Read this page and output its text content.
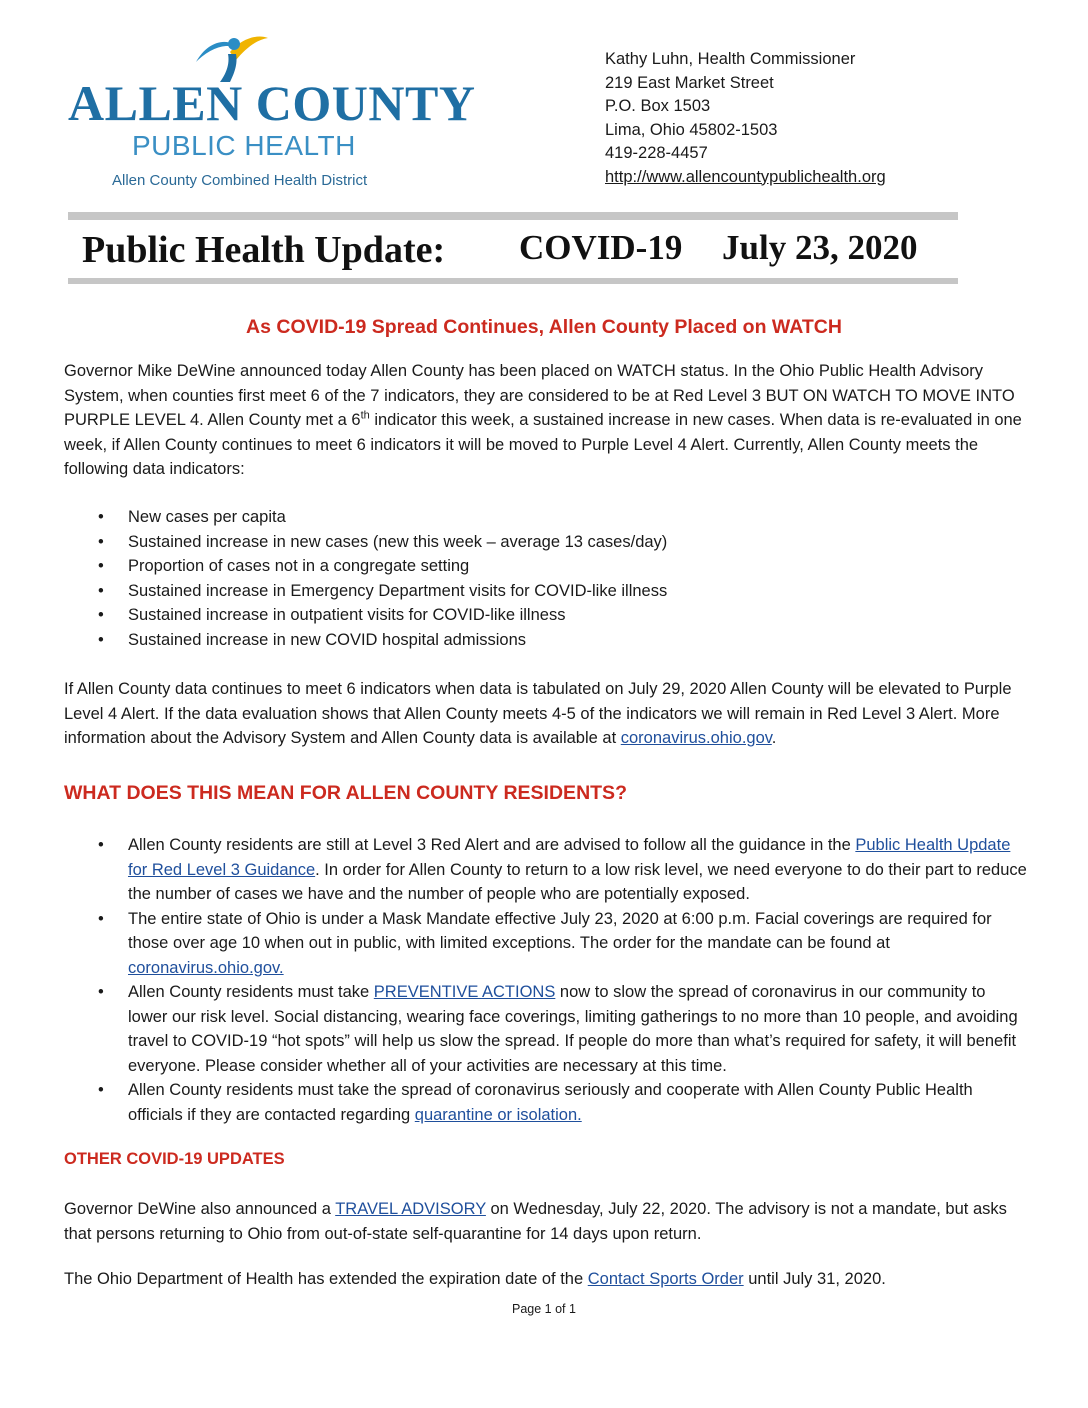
ALLEN COUNTY
PUBLIC HEALTH
Allen County Combined Health District
Kathy Luhn, Health Commissioner
219 East Market Street
P.O. Box 1503
Lima, Ohio 45802-1503
419-228-4457
http://www.allencountypublichealth.org
Public Health Update: COVID-19 July 23, 2020
As COVID-19 Spread Continues, Allen County Placed on WATCH
Governor Mike DeWine announced today Allen County has been placed on WATCH status. In the Ohio Public Health Advisory System, when counties first meet 6 of the 7 indicators, they are considered to be at Red Level 3 BUT ON WATCH TO MOVE INTO PURPLE LEVEL 4. Allen County met a 6th indicator this week, a sustained increase in new cases. When data is re-evaluated in one week, if Allen County continues to meet 6 indicators it will be moved to Purple Level 4 Alert. Currently, Allen County meets the following data indicators:
• New cases per capita
• Sustained increase in new cases (new this week – average 13 cases/day)
• Proportion of cases not in a congregate setting
• Sustained increase in Emergency Department visits for COVID-like illness
• Sustained increase in outpatient visits for COVID-like illness
• Sustained increase in new COVID hospital admissions
If Allen County data continues to meet 6 indicators when data is tabulated on July 29, 2020 Allen County will be elevated to Purple Level 4 Alert. If the data evaluation shows that Allen County meets 4-5 of the indicators we will remain in Red Level 3 Alert. More information about the Advisory System and Allen County data is available at coronavirus.ohio.gov.
WHAT DOES THIS MEAN FOR ALLEN COUNTY RESIDENTS?
• Allen County residents are still at Level 3 Red Alert and are advised to follow all the guidance in the Public Health Update for Red Level 3 Guidance. In order for Allen County to return to a low risk level, we need everyone to do their part to reduce the number of cases we have and the number of people who are potentially exposed.
• The entire state of Ohio is under a Mask Mandate effective July 23, 2020 at 6:00 p.m. Facial coverings are required for those over age 10 when out in public, with limited exceptions. The order for the mandate can be found at coronavirus.ohio.gov.
• Allen County residents must take PREVENTIVE ACTIONS now to slow the spread of coronavirus in our community to lower our risk level. Social distancing, wearing face coverings, limiting gatherings to no more than 10 people, and avoiding travel to COVID-19 “hot spots” will help us slow the spread. If people do more than what’s required for safety, it will benefit everyone. Please consider whether all of your activities are necessary at this time.
• Allen County residents must take the spread of coronavirus seriously and cooperate with Allen County Public Health officials if they are contacted regarding quarantine or isolation.
OTHER COVID-19 UPDATES
Governor DeWine also announced a TRAVEL ADVISORY on Wednesday, July 22, 2020. The advisory is not a mandate, but asks that persons returning to Ohio from out-of-state self-quarantine for 14 days upon return.
The Ohio Department of Health has extended the expiration date of the Contact Sports Order until July 31, 2020.
Page 1 of 1
